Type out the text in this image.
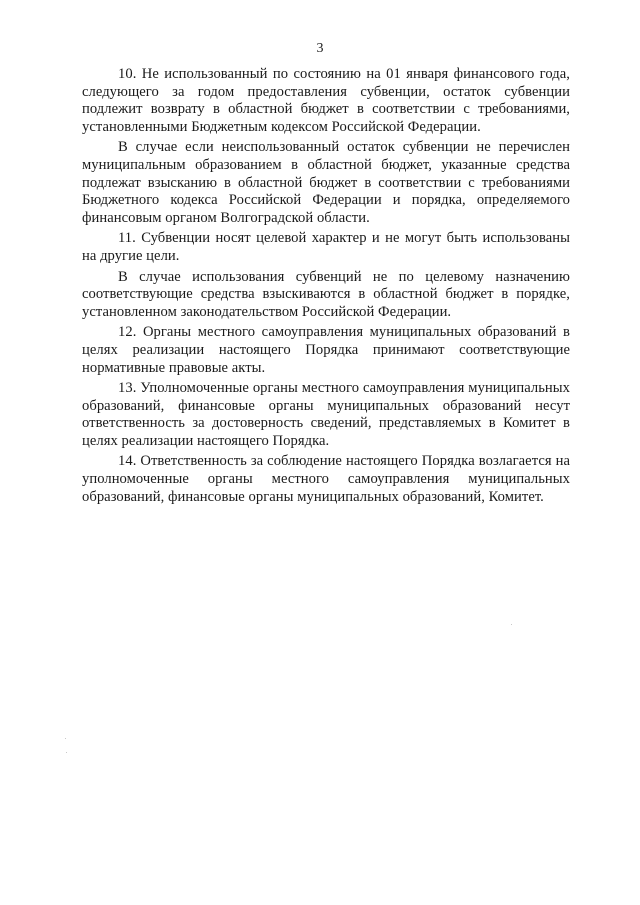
3

10. Не использованный по состоянию на 01 января финансового года, следующего за годом предоставления субвенции, остаток субвенции подлежит возврату в областной бюджет в соответствии с требованиями, установленными Бюджетным кодексом Российской Федерации.

В случае если неиспользованный остаток субвенции не перечислен муниципальным образованием в областной бюджет, указанные средства подлежат взысканию в областной бюджет в соответствии с требованиями Бюджетного кодекса Российской Федерации и порядка, определяемого финансовым органом Волгоградской области.

11. Субвенции носят целевой характер и не могут быть использованы на другие цели.

В случае использования субвенций не по целевому назначению соответствующие средства взыскиваются в областной бюджет в порядке, установленном законодательством Российской Федерации.

12. Органы местного самоуправления муниципальных образований в целях реализации настоящего Порядка принимают соответствующие нормативные правовые акты.

13. Уполномоченные органы местного самоуправления муниципальных образований, финансовые органы муниципальных образований несут ответственность за достоверность сведений, представляемых в Комитет в целях реализации настоящего Порядка.

14. Ответственность за соблюдение настоящего Порядка возлагается на уполномоченные органы местного самоуправления муниципальных образований, финансовые органы муниципальных образований, Комитет.
